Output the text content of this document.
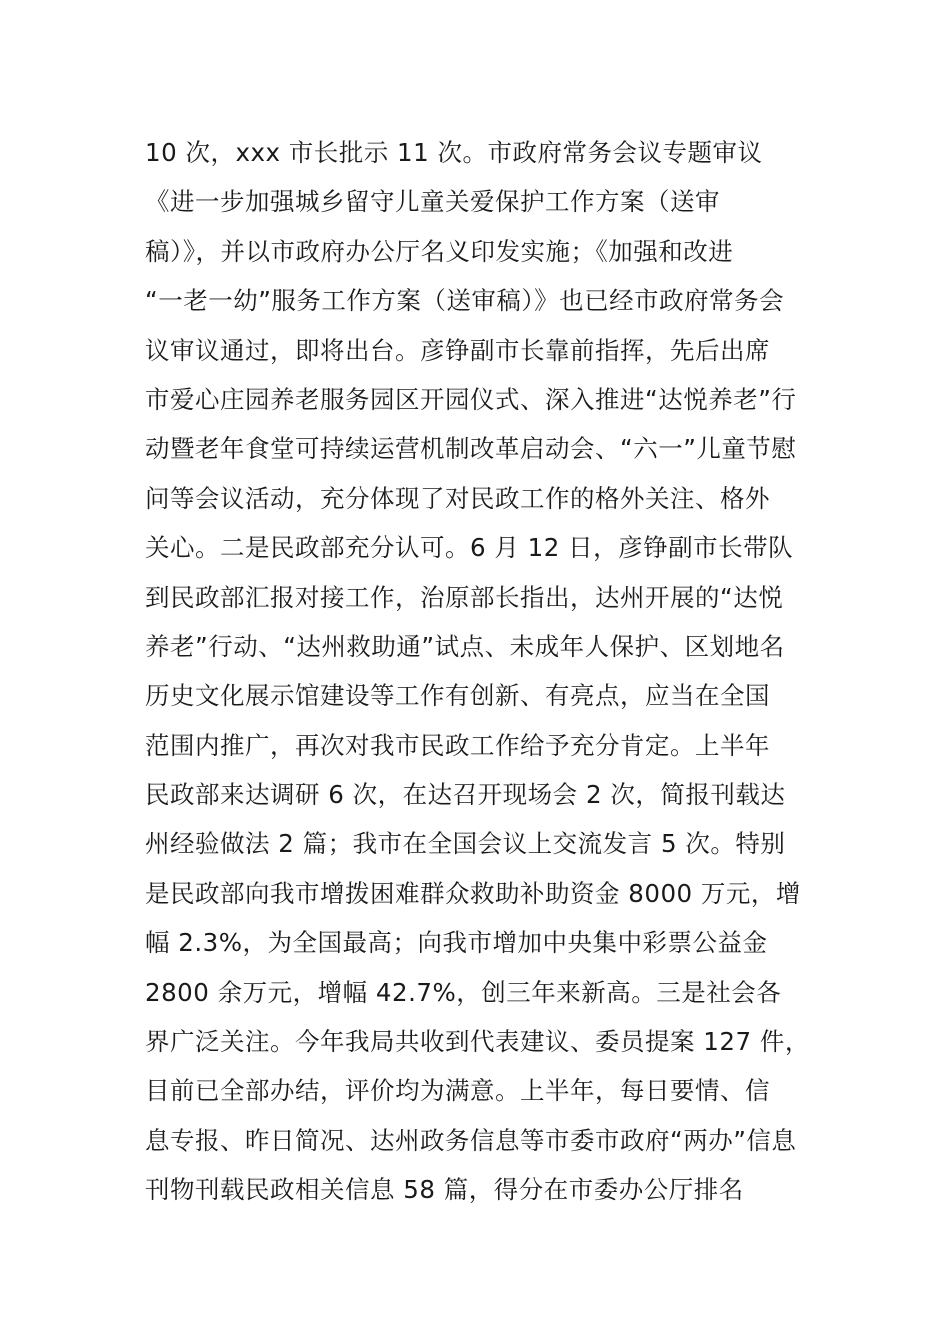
10 次，xxx 市长批示 11 次。市政府常务会议专题审议
《进一步加强城乡留守儿童关爱保护工作方案（送审
稿）》，并以市政府办公厅名义印发实施；《加强和改进
“一老一幼”服务工作方案（送审稿）》也已经市政府常务会
议审议通过，即将出台。彦铮副市长靠前指挥，先后出席
市爱心庄园养老服务园区开园仪式、深入推进“达悦养老”行
动暨老年食堂可持续运营机制改革启动会、“六一”儿童节慰
问等会议活动，充分体现了对民政工作的格外关注、格外
关心。二是民政部充分认可。6 月 12 日，彦铮副市长带队
到民政部汇报对接工作，治原部长指出，达州开展的“达悦
养老”行动、“达州救助通”试点、未成年人保护、区划地名
历史文化展示馆建设等工作有创新、有亮点，应当在全国
范围内推广，再次对我市民政工作给予充分肯定。上半年
民政部来达调研 6 次，在达召开现场会 2 次，简报刊载达
州经验做法 2 篇；我市在全国会议上交流发言 5 次。特别
是民政部向我市增拨困难群众救助补助资金 8000 万元，增
幅 2.3%，为全国最高；向我市增加中央集中彩票公益金
2800 余万元，增幅 42.7%，创三年来新高。三是社会各
界广泛关注。今年我局共收到代表建议、委员提案 127 件，
目前已全部办结，评价均为满意。上半年，每日要情、信
息专报、昨日简况、达州政务信息等市委市政府“两办”信息
刊物刊载民政相关信息 58 篇，得分在市委办公厅排名
